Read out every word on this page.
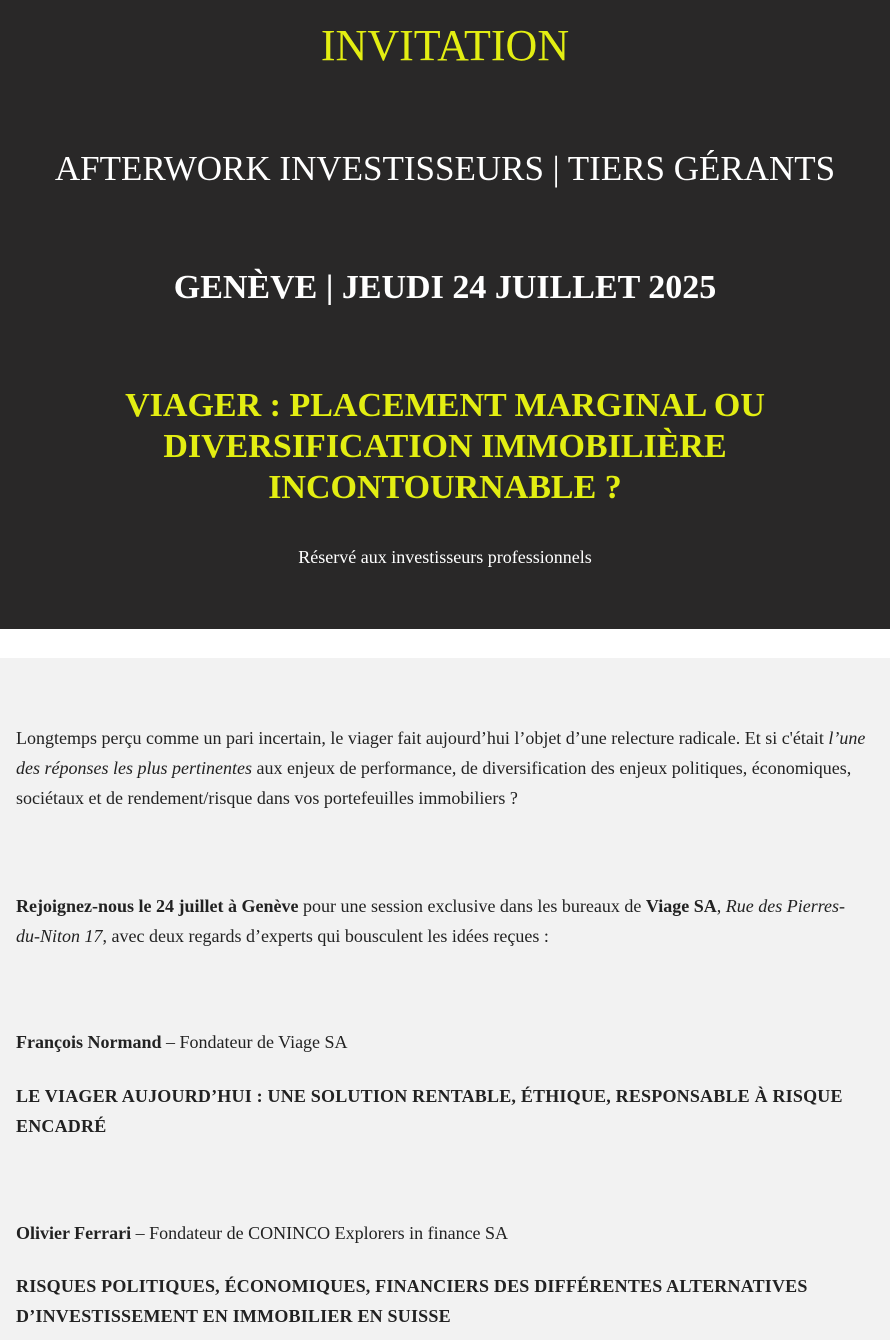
INVITATION
AFTERWORK INVESTISSEURS | TIERS GÉRANTS
GENÈVE | JEUDI 24 JUILLET 2025
VIAGER : PLACEMENT MARGINAL OU
DIVERSIFICATION IMMOBILIÈRE
INCONTOURNABLE ?
Réservé aux investisseurs professionnels

Longtemps perçu comme un pari incertain, le viager fait aujourd’hui l’objet d’une relecture radicale. Et si c'était l’une des réponses les plus pertinentes aux enjeux de performance, de diversification des enjeux politiques, économiques, sociétaux et de rendement/risque dans vos portefeuilles immobiliers ?

Rejoignez-nous le 24 juillet à Genève pour une session exclusive dans les bureaux de Viage SA, Rue des Pierres-du-Niton 17, avec deux regards d’experts qui bousculent les idées reçues :

François Normand – Fondateur de Viage SA

LE VIAGER AUJOURD’HUI : UNE SOLUTION RENTABLE, ÉTHIQUE, RESPONSABLE À RISQUE ENCADRÉ

Olivier Ferrari – Fondateur de CONINCO Explorers in finance SA

RISQUES POLITIQUES, ÉCONOMIQUES, FINANCIERS DES DIFFÉRENTES ALTERNATIVES D’INVESTISSEMENT EN IMMOBILIER EN SUISSE
